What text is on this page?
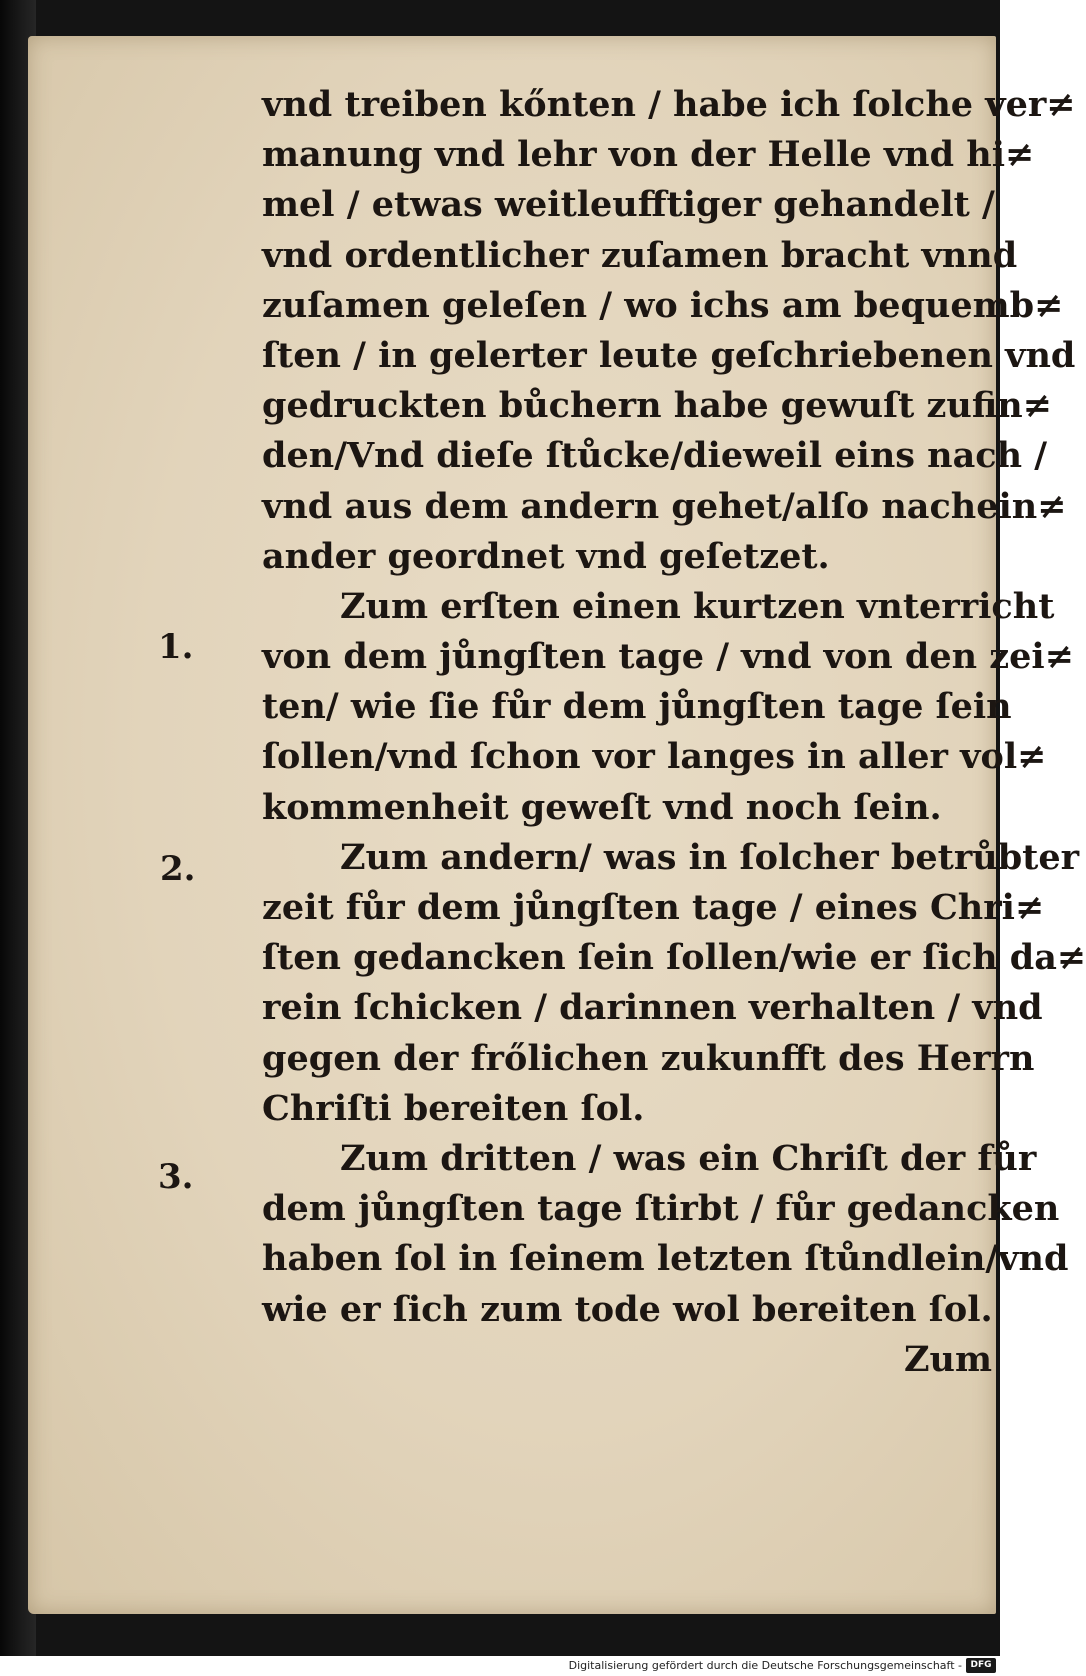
vnd treiben kőnten / habe ich ſolche ver≠
manung vnd lehr von der Helle vnd hi≠
mel / etwas weitleufftiger gehandelt /
vnd ordentlicher zuſamen bracht vnnd
zuſamen geleſen / wo ichs am bequemb≠
ſten / in gelerter leute geſchriebenen vnd
gedruckten bůchern habe gewuſt zufin≠
den/Vnd dieſe ſtůcke/dieweil eins nach /
vnd aus dem andern gehet/alſo nachein≠
ander geordnet vnd geſetzet.
Zum erſten einen kurtzen vnterricht
von dem jůngſten tage / vnd von den zei≠
ten/ wie ſie fůr dem jůngſten tage ſein
ſollen/vnd ſchon vor langes in aller vol≠
kommenheit geweſt vnd noch ſein.
Zum andern/ was in ſolcher betrůbter
zeit fůr dem jůngſten tage / eines Chri≠
ſten gedancken ſein ſollen/wie er ſich da≠
rein ſchicken / darinnen verhalten / vnd
gegen der frőlichen zukunfft des Herrn
Chriſti bereiten ſol.
Zum dritten / was ein Chriſt der fůr
dem jůngſten tage ſtirbt / fůr gedancken
haben ſol in ſeinem letzten ſtůndlein/vnd
wie er ſich zum tode wol bereiten ſol.
Zum
1.
2.
3.
Digitalisierung gefördert durch die Deutsche Forschungsgemeinschaft - DFG
